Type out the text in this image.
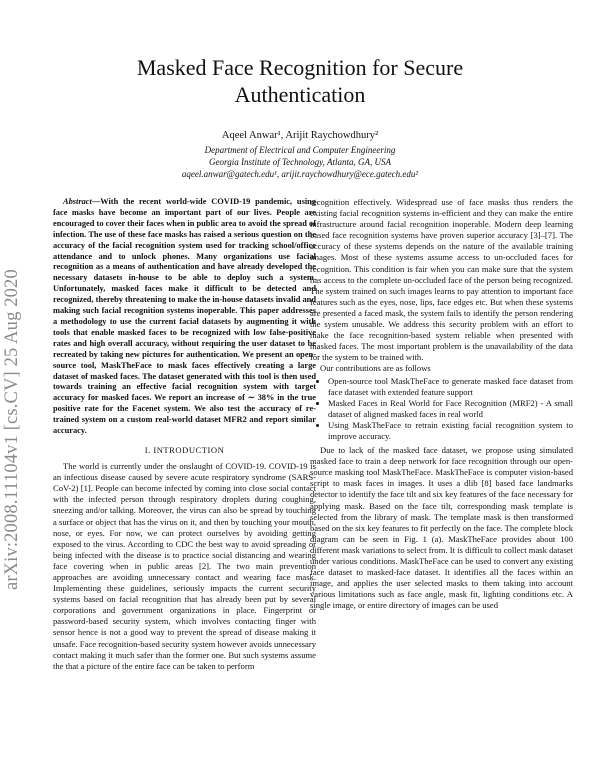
arXiv:2008.11104v1 [cs.CV] 25 Aug 2020
Masked Face Recognition for Secure
Authentication
Aqeel Anwar¹, Arijit Raychowdhury²
Department of Electrical and Computer Engineering
Georgia Institute of Technology, Atlanta, GA, USA
aqeel.anwar@gatech.edu¹, arijit.raychowdhury@ece.gatech.edu²

Abstract—With the recent world-wide COVID-19 pandemic, using face masks have become an important part of our lives. People are encouraged to cover their faces when in public area to avoid the spread of infection. The use of these face masks has raised a serious question on the accuracy of the facial recognition system used for tracking school/office attendance and to unlock phones. Many organizations use facial recognition as a means of authentication and have already developed the necessary datasets in-house to be able to deploy such a system. Unfortunately, masked faces make it difficult to be detected and recognized, thereby threatening to make the in-house datasets invalid and making such facial recognition systems inoperable. This paper addresses a methodology to use the current facial datasets by augmenting it with tools that enable masked faces to be recognized with low false-positive rates and high overall accuracy, without requiring the user dataset to be recreated by taking new pictures for authentication. We present an open-source tool, MaskTheFace to mask faces effectively creating a large dataset of masked faces. The dataset generated with this tool is then used towards training an effective facial recognition system with target accuracy for masked faces. We report an increase of ∼ 38% in the true positive rate for the Facenet system. We also test the accuracy of re-trained system on a custom real-world dataset MFR2 and report similar accuracy.

I. INTRODUCTION

The world is currently under the onslaught of COVID-19. COVID-19 is an infectious disease caused by severe acute respiratory syndrome (SARS-CoV-2) [1]. People can become infected by coming into close social contact with the infected person through respiratory droplets during coughing, sneezing and/or talking. Moreover, the virus can also be spread by touching a surface or object that has the virus on it, and then by touching your mouth, nose, or eyes. For now, we can protect ourselves by avoiding getting exposed to the virus. According to CDC the best way to avoid spreading or being infected with the disease is to practice social distancing and wearing face covering when in public areas [2]. The two main prevention approaches are avoiding unnecessary contact and wearing face mask. Implementing these guidelines, seriously impacts the current security systems based on facial recognition that has already been put by several corporations and government organizations in place. Fingerprint or password-based security system, which involves contacting finger with sensor hence is not a good way to prevent the spread of disease making it unsafe. Face recognition-based security system however avoids unnecessary contact making it much safer than the former one. But such systems assume the that a picture of the entire face can be taken to perform

recognition effectively. Widespread use of face masks thus renders the existing facial recognition systems in-efficient and they can make the entire infrastructure around facial recognition inoperable. Modern deep learning based face recognition systems have proven superior accuracy [3]–[7]. The accuracy of these systems depends on the nature of the available training images. Most of these systems assume access to un-occluded faces for recognition. This condition is fair when you can make sure that the system has access to the complete un-occluded face of the person being recognized. The system trained on such images learns to pay attention to important face features such as the eyes, nose, lips, face edges etc. But when these systems are presented a faced mask, the system fails to identify the person rendering the system unusable. We address this security problem with an effort to make the face recognition-based system reliable when presented with masked faces. The most important problem is the unavailability of the data for the system to be trained with.

Our contributions are as follows

• Open-source tool MaskTheFace to generate masked face dataset from face dataset with extended feature support
• Masked Faces in Real World for Face Recognition (MRF2) - A small dataset of aligned masked faces in real world
• Using MaskTheFace to retrain existing facial recognition system to improve accuracy.

Due to lack of the masked face dataset, we propose using simulated masked face to train a deep network for face recognition through our open-source masking tool MaskTheFace. MaskTheFace is computer vision-based script to mask faces in images. It uses a dlib [8] based face landmarks detector to identify the face tilt and six key features of the face necessary for applying mask. Based on the face tilt, corresponding mask template is selected from the library of mask. The template mask is then transformed based on the six key features to fit perfectly on the face. The complete block diagram can be seen in Fig. 1 (a). MaskTheFace provides about 100 different mask variations to select from. It is difficult to collect mask dataset under various conditions. MaskTheFace can be used to convert any existing face dataset to masked-face dataset. It identifies all the faces within an image, and applies the user selected masks to them taking into account various limitations such as face angle, mask fit, lighting conditions etc. A single image, or entire directory of images can be used
